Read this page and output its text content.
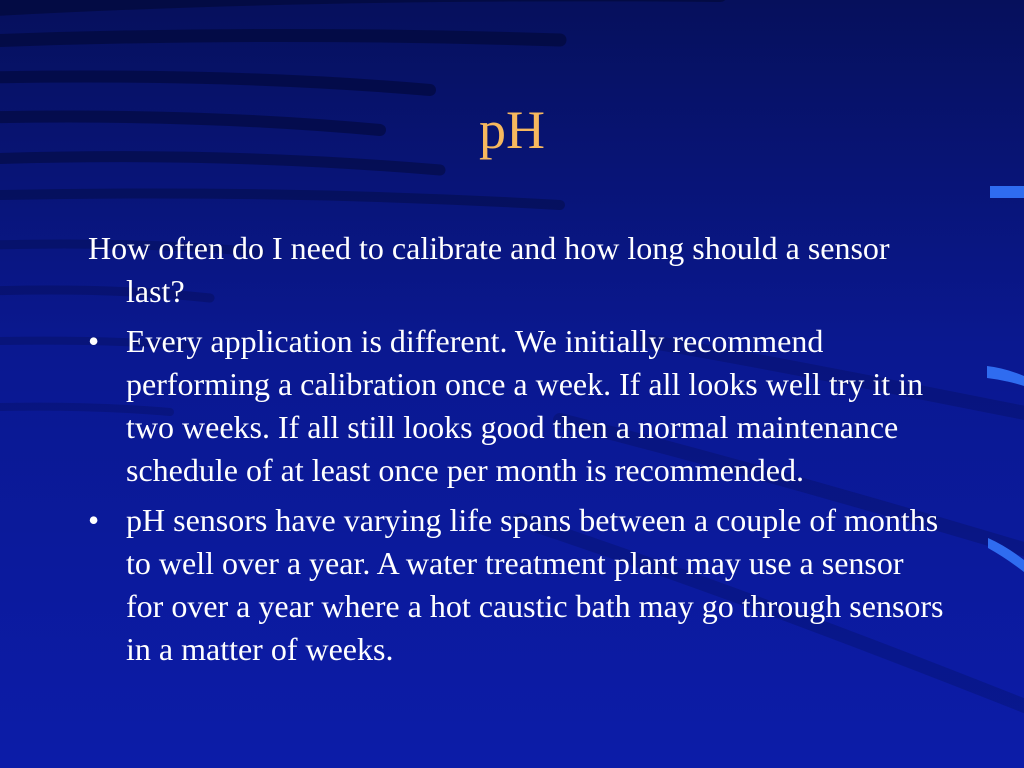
pH
How often do I need to calibrate and how long should a sensor last?
• Every application is different. We initially recommend performing a calibration once a week. If all looks well try it in two weeks. If all still looks good then a normal maintenance schedule of at least once per month is recommended.
• pH sensors have varying life spans between a couple of months to well over a year. A water treatment plant may use a sensor for over a year where a hot caustic bath may go through sensors in a matter of weeks.
